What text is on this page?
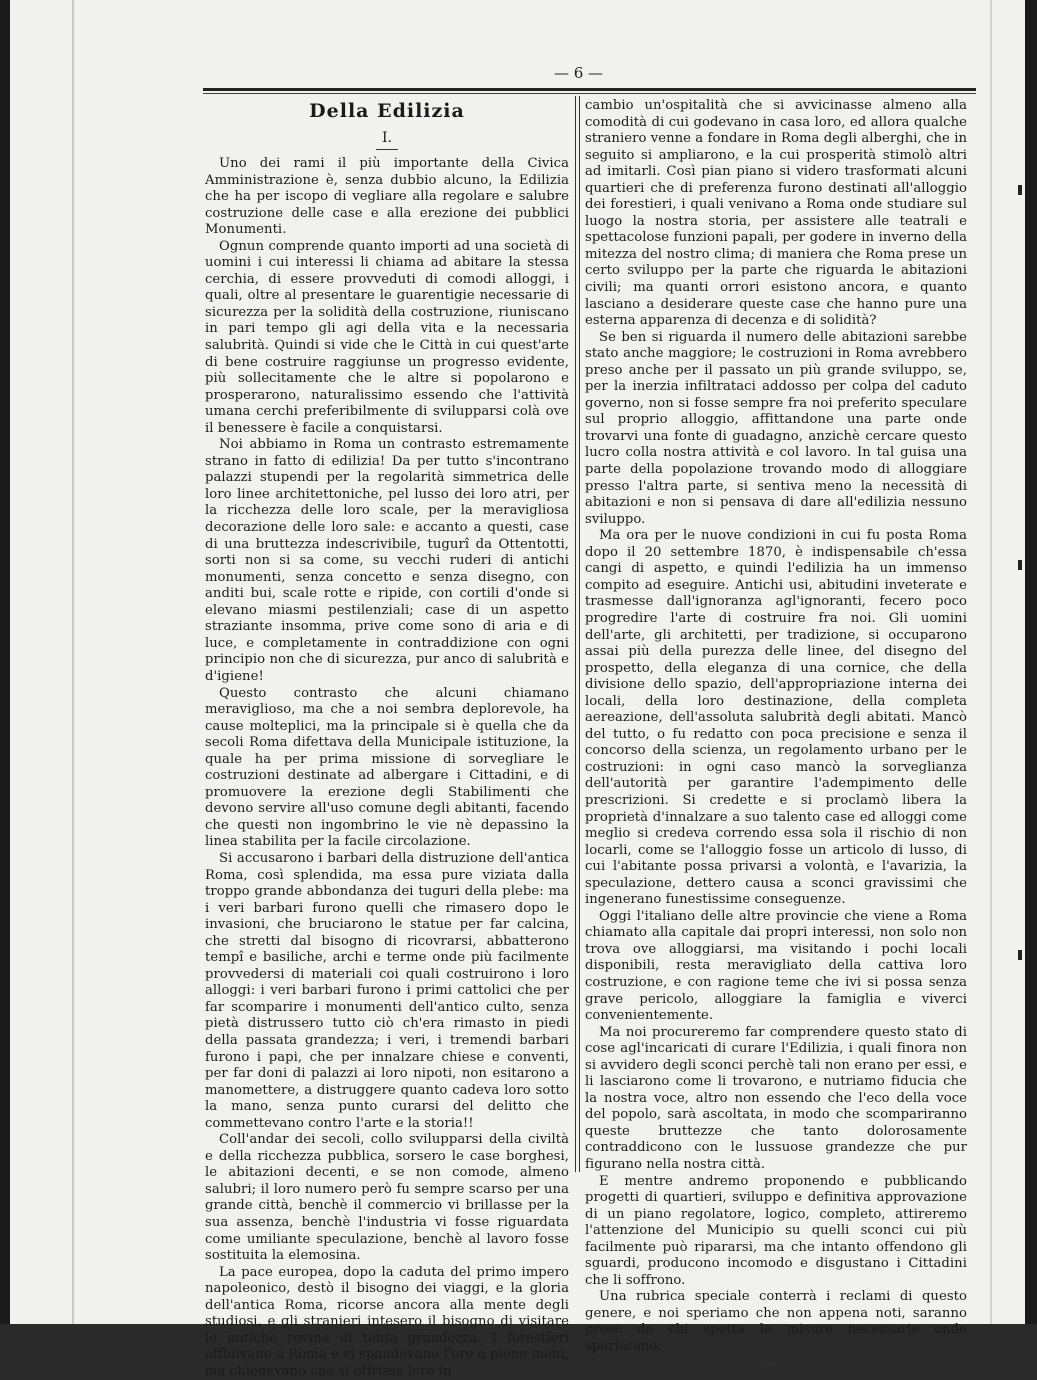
— 6 —
Della Edilizia
I.

Uno dei rami il più importante della Civica Amministrazione è, senza dubbio alcuno, la Edilizia che ha per iscopo di vegliare alla regolare e salubre costruzione delle case e alla erezione dei pubblici Monumenti.

Ognun comprende quanto importi ad una società di uomini i cui interessi li chiama ad abitare la stessa cerchia, di essere provveduti di comodi alloggi, i quali, oltre al presentare le guarentigie necessarie di sicurezza per la solidità della costruzione, riuniscano in pari tempo gli agi della vita e la necessaria salubrità. Quindi si vide che le Città in cui quest'arte di bene costruire raggiunse un progresso evidente, più sollecitamente che le altre si popolarono e prosperarono, naturalissimo essendo che l'attività umana cerchi preferibilmente di svilupparsi colà ove il benessere è facile a conquistarsi.

Noi abbiamo in Roma un contrasto estremamente strano in fatto di edilizia! Da per tutto s'incontrano palazzi stupendi per la regolarità simmetrica delle loro linee architettoniche, pel lusso dei loro atri, per la ricchezza delle loro scale, per la meravigliosa decorazione delle loro sale: e accanto a questi, case di una bruttezza indescrivibile, tugurî da Ottentotti, sorti non si sa come, su vecchi ruderi di antichi monumenti, senza concetto e senza disegno, con anditi bui, scale rotte e ripide, con cortili d'onde si elevano miasmi pestilenziali; case di un aspetto straziante insomma, prive come sono di aria e di luce, e completamente in contraddizione con ogni principio non che di sicurezza, pur anco di salubrità e d'igiene!

Questo contrasto che alcuni chiamano meraviglioso, ma che a noi sembra deplorevole, ha cause molteplici, ma la principale si è quella che da secoli Roma difettava della Municipale istituzione, la quale ha per prima missione di sorvegliare le costruzioni destinate ad albergare i Cittadini, e di promuovere la erezione degli Stabilimenti che devono servire all'uso comune degli abitanti, facendo che questi non ingombrino le vie nè depassino la linea stabilita per la facile circolazione.

Si accusarono i barbari della distruzione dell'antica Roma, così splendida, ma essa pure viziata dalla troppo grande abbondanza dei tuguri della plebe: ma i veri barbari furono quelli che rimasero dopo le invasioni, che bruciarono le statue per far calcina, che stretti dal bisogno di ricovrarsi, abbatterono tempî e basiliche, archi e terme onde più facilmente provvedersi di materiali coi quali costruirono i loro alloggi: i veri barbari furono i primi cattolici che per far scomparire i monumenti dell'antico culto, senza pietà distrussero tutto ciò ch'era rimasto in piedi della passata grandezza; i veri, i tremendi barbari furono i papi, che per innalzare chiese e conventi, per far doni di palazzi ai loro nipoti, non esitarono a manomettere, a distruggere quanto cadeva loro sotto la mano, senza punto curarsi del delitto che commettevano contro l'arte e la storia!!

Coll'andar dei secoli, collo svilupparsi della civiltà e della ricchezza pubblica, sorsero le case borghesi, le abitazioni decenti, e se non comode, almeno salubri; il loro numero però fu sempre scarso per una grande città, benchè il commercio vi brillasse per la sua assenza, benchè l'industria vi fosse riguardata come umiliante speculazione, benchè al lavoro fosse sostituita la elemosina.

La pace europea, dopo la caduta del primo impero napoleonico, destò il bisogno dei viaggi, e la gloria dell'antica Roma, ricorse ancora alla mente degli studiosi, e gli stranieri intesero il bisogno di visitare le antiche rovine di tanta grandezza. I forestieri affluivano a Roma e vi spandevano l'oro a piene mani, ma chiedevano che si offrisse loro in

cambio un'ospitalità che si avvicinasse almeno alla comodità di cui godevano in casa loro, ed allora qualche straniero venne a fondare in Roma degli alberghi, che in seguito si ampliarono, e la cui prosperità stimolò altri ad imitarli. Così pian piano si videro trasformati alcuni quartieri che di preferenza furono destinati all'alloggio dei forestieri, i quali venivano a Roma onde studiare sul luogo la nostra storia, per assistere alle teatrali e spettacolose funzioni papali, per godere in inverno della mitezza del nostro clima; di maniera che Roma prese un certo sviluppo per la parte che riguarda le abitazioni civili; ma quanti orrori esistono ancora, e quanto lasciano a desiderare queste case che hanno pure una esterna apparenza di decenza e di solidità?

Se ben si riguarda il numero delle abitazioni sarebbe stato anche maggiore; le costruzioni in Roma avrebbero preso anche per il passato un più grande sviluppo, se, per la inerzia infiltrataci addosso per colpa del caduto governo, non si fosse sempre fra noi preferito speculare sul proprio alloggio, affittandone una parte onde trovarvi una fonte di guadagno, anzichè cercare questo lucro colla nostra attività e col lavoro. In tal guisa una parte della popolazione trovando modo di alloggiare presso l'altra parte, si sentiva meno la necessità di abitazioni e non si pensava di dare all'edilizia nessuno sviluppo.

Ma ora per le nuove condizioni in cui fu posta Roma dopo il 20 settembre 1870, è indispensabile ch'essa cangi di aspetto, e quindi l'edilizia ha un immenso compito ad eseguire. Antichi usi, abitudini inveterate e trasmesse dall'ignoranza agl'ignoranti, fecero poco progredire l'arte di costruire fra noi. Gli uomini dell'arte, gli architetti, per tradizione, si occuparono assai più della purezza delle linee, del disegno del prospetto, della eleganza di una cornice, che della divisione dello spazio, dell'appropriazione interna dei locali, della loro destinazione, della completa aereazione, dell'assoluta salubrità degli abitati. Mancò del tutto, o fu redatto con poca precisione e senza il concorso della scienza, un regolamento urbano per le costruzioni: in ogni caso mancò la sorveglianza dell'autorità per garantire l'adempimento delle prescrizioni. Si credette e si proclamò libera la proprietà d'innalzare a suo talento case ed alloggi come meglio si credeva correndo essa sola il rischio di non locarli, come se l'alloggio fosse un articolo di lusso, di cui l'abitante possa privarsi a volontà, e l'avarizia, la speculazione, dettero causa a sconci gravissimi che ingenerano funestissime conseguenze.

Oggi l'italiano delle altre provincie che viene a Roma chiamato alla capitale dai propri interessi, non solo non trova ove alloggiarsi, ma visitando i pochi locali disponibili, resta meravigliato della cattiva loro costruzione, e con ragione teme che ivi si possa senza grave pericolo, alloggiare la famiglia e viverci convenientemente.

Ma noi procureremo far comprendere questo stato di cose agl'incaricati di curare l'Edilizia, i quali finora non si avvidero degli sconci perchè tali non erano per essi, e li lasciarono come li trovarono, e nutriamo fiducia che la nostra voce, altro non essendo che l'eco della voce del popolo, sarà ascoltata, in modo che scompariranno queste bruttezze che tanto dolorosamente contraddicono con le lussuose grandezze che pur figurano nella nostra città.

E mentre andremo proponendo e pubblicando progetti di quartieri, sviluppo e definitiva approvazione di un piano regolatore, logico, completo, attireremo l'attenzione del Municipio su quelli sconci cui più facilmente può ripararsi, ma che intanto offendono gli sguardi, producono incomodo e disgustano i Cittadini che li soffrono.

Una rubrica speciale conterrà i reclami di questo genere, e noi speriamo che non appena noti, saranno prese da chi spetta le misure necessarie onde spariscano.
